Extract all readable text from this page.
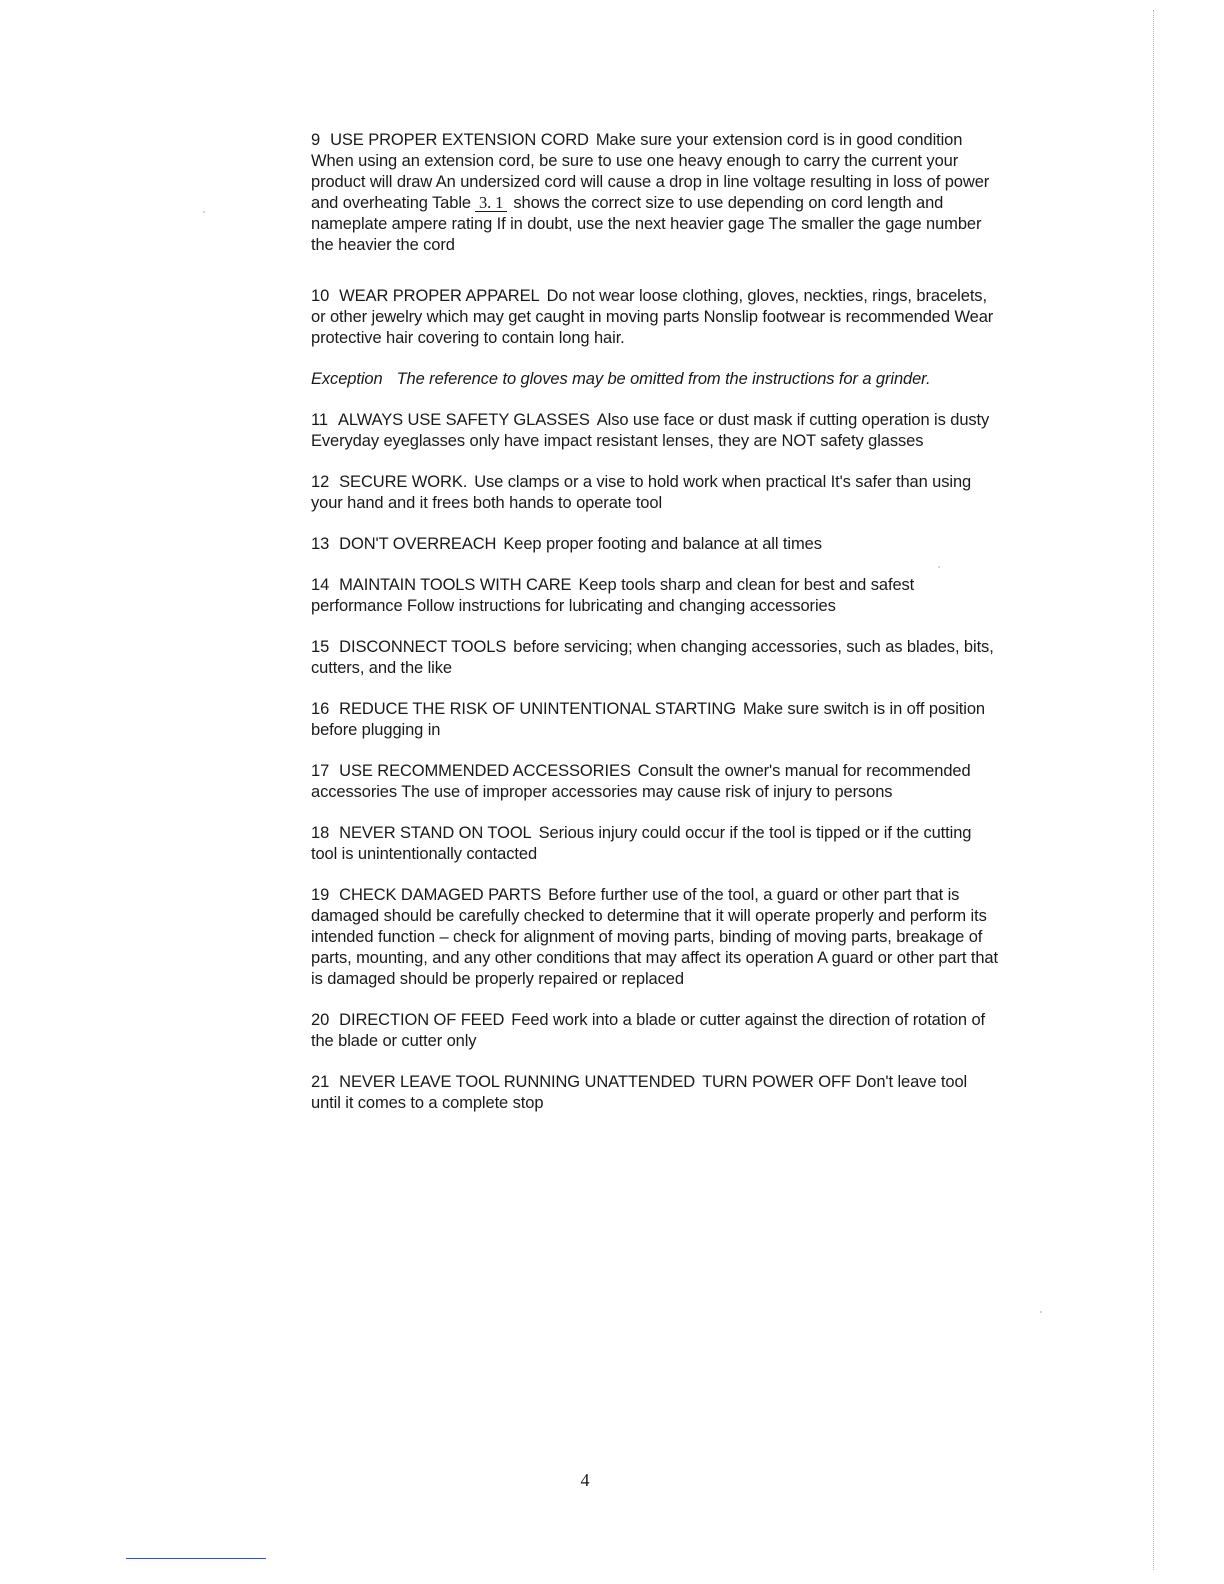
9 USE PROPER EXTENSION CORD Make sure your extension cord is in good condition When using an extension cord, be sure to use one heavy enough to carry the current your product will draw An undersized cord will cause a drop in line voltage resulting in loss of power and overheating Table 3. 1 shows the correct size to use depending on cord length and nameplate ampere rating If in doubt, use the next heavier gage The smaller the gage number the heavier the cord

10 WEAR PROPER APPAREL Do not wear loose clothing, gloves, neckties, rings, bracelets, or other jewelry which may get caught in moving parts Nonslip footwear is recommended Wear protective hair covering to contain long hair.

Exception The reference to gloves may be omitted from the instructions for a grinder.

11 ALWAYS USE SAFETY GLASSES Also use face or dust mask if cutting operation is dusty Everyday eyeglasses only have impact resistant lenses, they are NOT safety glasses

12 SECURE WORK. Use clamps or a vise to hold work when practical It's safer than using your hand and it frees both hands to operate tool

13 DON'T OVERREACH Keep proper footing and balance at all times

14 MAINTAIN TOOLS WITH CARE Keep tools sharp and clean for best and safest performance Follow instructions for lubricating and changing accessories

15 DISCONNECT TOOLS before servicing; when changing accessories, such as blades, bits, cutters, and the like

16 REDUCE THE RISK OF UNINTENTIONAL STARTING Make sure switch is in off position before plugging in

17 USE RECOMMENDED ACCESSORIES Consult the owner's manual for recommended accessories The use of improper accessories may cause risk of injury to persons

18 NEVER STAND ON TOOL Serious injury could occur if the tool is tipped or if the cutting tool is unintentionally contacted

19 CHECK DAMAGED PARTS Before further use of the tool, a guard or other part that is damaged should be carefully checked to determine that it will operate properly and perform its intended function – check for alignment of moving parts, binding of moving parts, breakage of parts, mounting, and any other conditions that may affect its operation A guard or other part that is damaged should be properly repaired or replaced

20 DIRECTION OF FEED Feed work into a blade or cutter against the direction of rotation of the blade or cutter only

21 NEVER LEAVE TOOL RUNNING UNATTENDED TURN POWER OFF Don't leave tool until it comes to a complete stop

4
